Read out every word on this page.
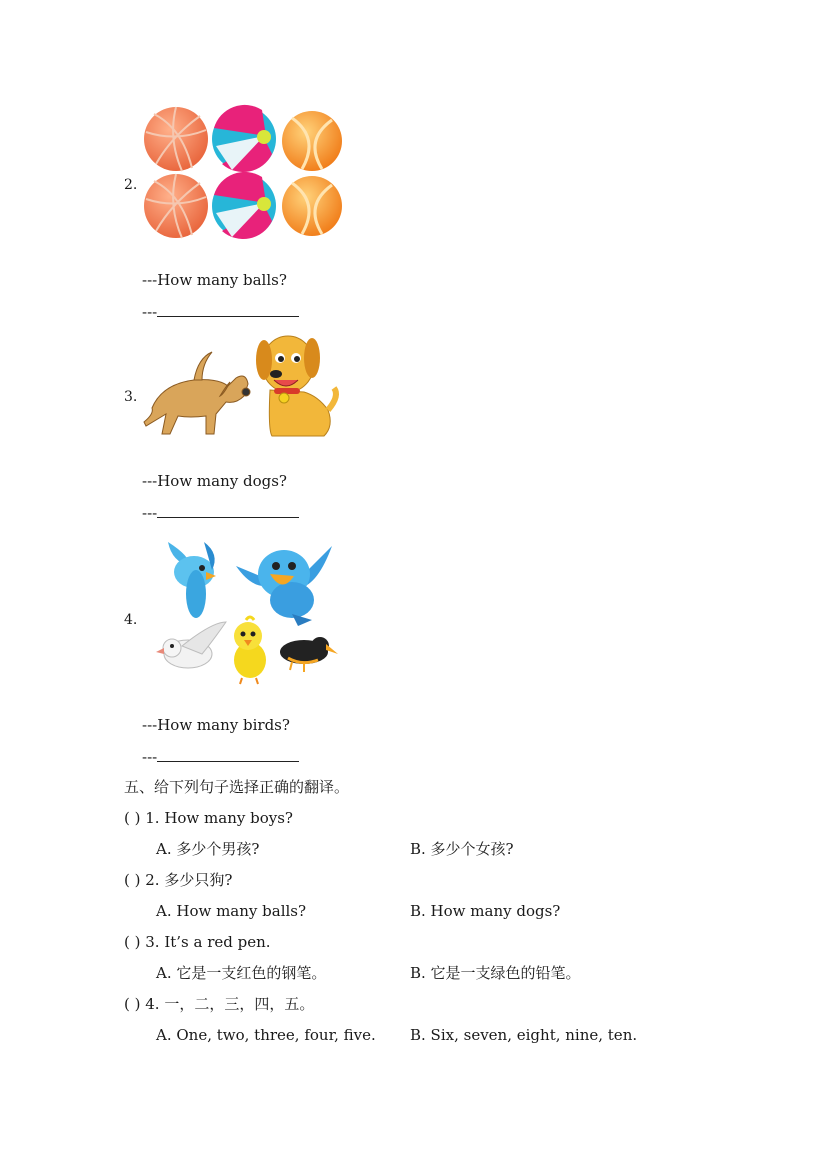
2.
---How many balls?
---
3.
---How many dogs?
---
4.
---How many birds?
---
五、给下列句子选择正确的翻译。
( ) 1. How many boys?
A. 多少个男孩?	B. 多少个女孩?
( ) 2. 多少只狗?
A. How many balls?	B. How many dogs?
( ) 3. It’s a red pen.
A. 它是一支红色的钢笔。	B. 它是一支绿色的铅笔。
( ) 4. 一，二，三，四，五。
A. One, two, three, four, five. B. Six, seven, eight, nine, ten.
